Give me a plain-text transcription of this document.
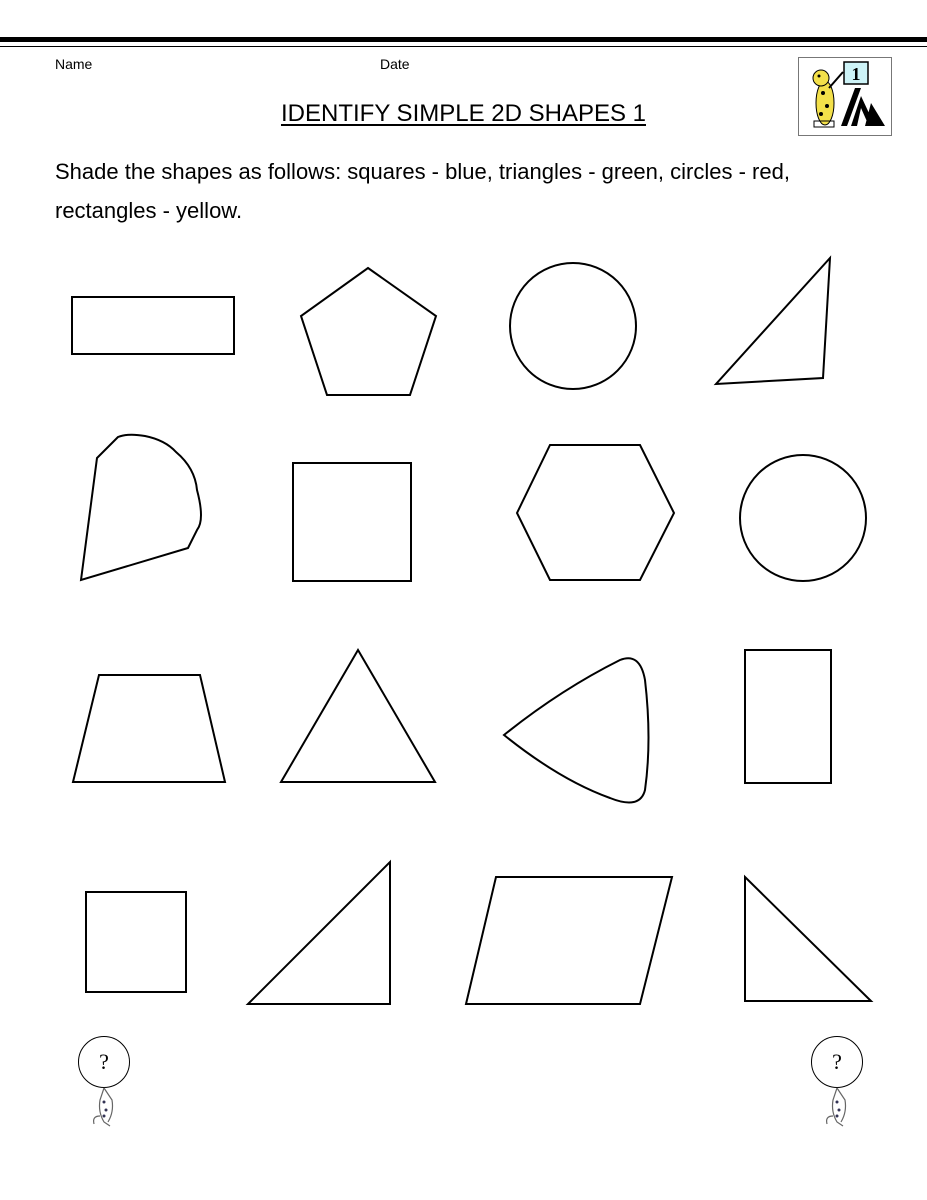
Name	Date
IDENTIFY SIMPLE 2D SHAPES 1
Shade the shapes as follows: squares - blue, triangles - green, circles - red, rectangles - yellow.
1
?	?
